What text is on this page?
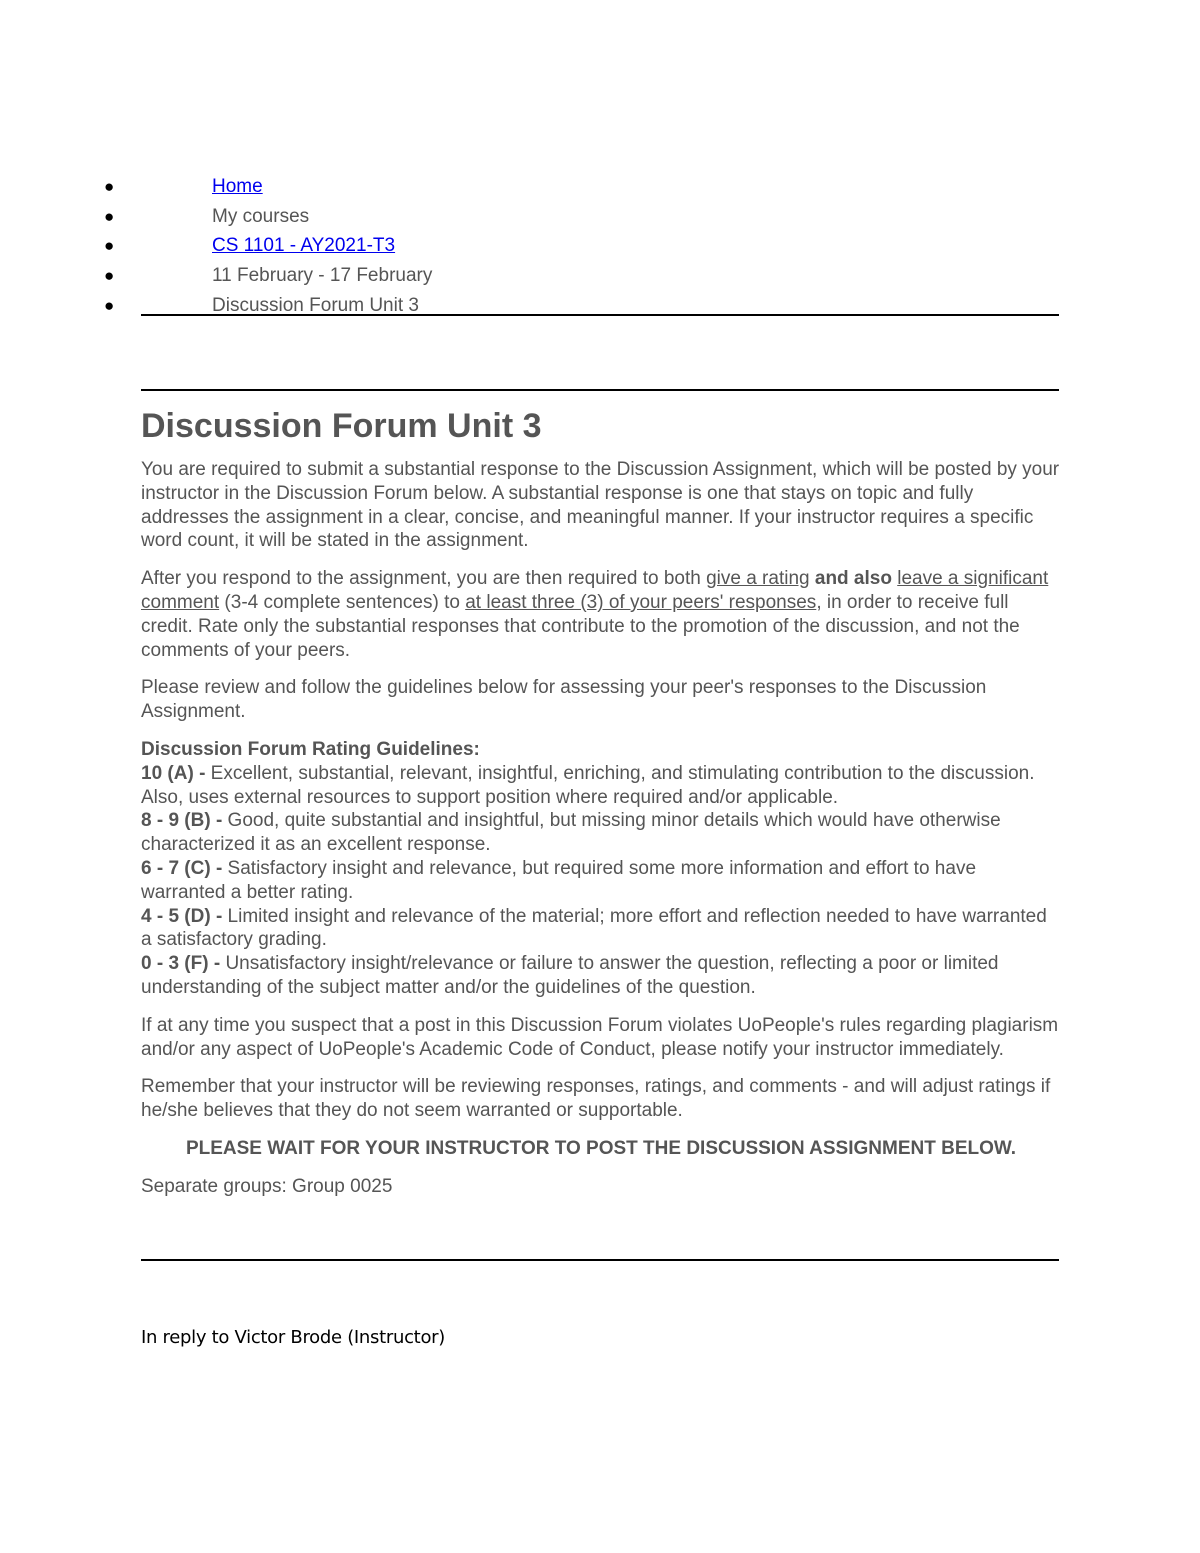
●	Home
●	My courses
●	CS 1101 - AY2021-T3
●	11 February - 17 February
●	Discussion Forum Unit 3
Discussion Forum Unit 3

You are required to submit a substantial response to the Discussion Assignment, which will be posted by your instructor in the Discussion Forum below. A substantial response is one that stays on topic and fully addresses the assignment in a clear, concise, and meaningful manner. If your instructor requires a specific word count, it will be stated in the assignment.

After you respond to the assignment, you are then required to both give a rating and also leave a significant comment (3-4 complete sentences) to at least three (3) of your peers' responses, in order to receive full credit. Rate only the substantial responses that contribute to the promotion of the discussion, and not the comments of your peers.

Please review and follow the guidelines below for assessing your peer's responses to the Discussion Assignment.

Discussion Forum Rating Guidelines:
10 (A) - Excellent, substantial, relevant, insightful, enriching, and stimulating contribution to the discussion. Also, uses external resources to support position where required and/or applicable.
8 - 9 (B) - Good, quite substantial and insightful, but missing minor details which would have otherwise characterized it as an excellent response.
6 - 7 (C) - Satisfactory insight and relevance, but required some more information and effort to have warranted a better rating.
4 - 5 (D) - Limited insight and relevance of the material; more effort and reflection needed to have warranted a satisfactory grading.
0 - 3 (F) - Unsatisfactory insight/relevance or failure to answer the question, reflecting a poor or limited understanding of the subject matter and/or the guidelines of the question.

If at any time you suspect that a post in this Discussion Forum violates UoPeople's rules regarding plagiarism and/or any aspect of UoPeople's Academic Code of Conduct, please notify your instructor immediately.

Remember that your instructor will be reviewing responses, ratings, and comments - and will adjust ratings if he/she believes that they do not seem warranted or supportable.

PLEASE WAIT FOR YOUR INSTRUCTOR TO POST THE DISCUSSION ASSIGNMENT BELOW.

Separate groups: Group 0025

In reply to Victor Brode (Instructor)
